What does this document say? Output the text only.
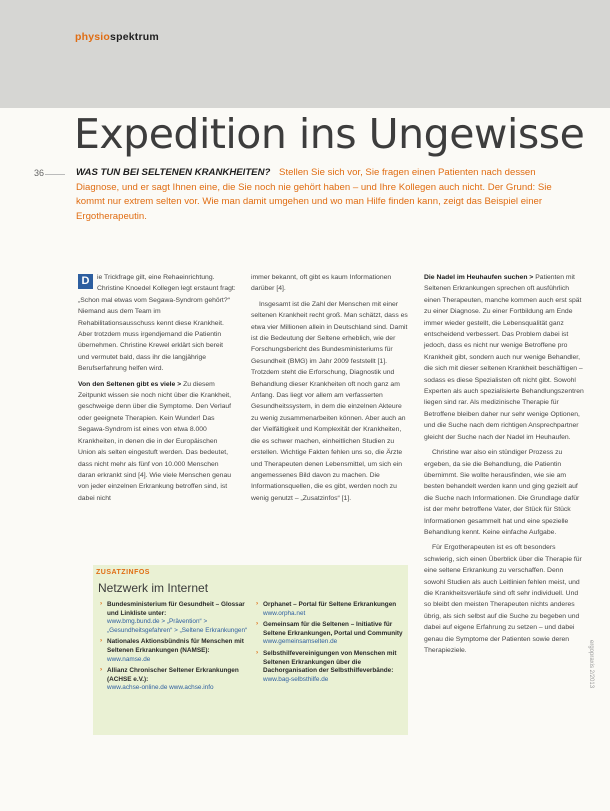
physiospektrum
Expedition ins Ungewisse
36	WAS TUN BEI SELTENEN KRANKHEITEN? Stellen Sie sich vor, Sie fragen einen Patienten nach dessen Diagnose, und er sagt Ihnen eine, die Sie noch nie gehört haben – und Ihre Kollegen auch nicht. Der Grund: Sie kommt nur extrem selten vor. Wie man damit umgehen und wo man Hilfe finden kann, zeigt das Beispiel einer Ergotherapeutin.

D	ie Trickfrage gilt, eine Rehaeinrichtung. Christine Knoedel Kollegen legt erstaunt fragt: „Schon mal etwas vom Segawa-Syndrom gehört?“ Niemand aus dem Team im Rehabilitationsausschuss kennt diese Krankheit. Aber trotzdem muss irgendjemand die Patientin übernehmen. Christine Krewel erklärt sich bereit und vermutet bald, dass ihr die langjährige Berufserfahrung helfen wird.

Von den Seltenen gibt es viele > Zu diesem Zeitpunkt wissen sie noch nicht über die Krankheit, geschweige denn über die Symptome. Den Verlauf oder geeignete Therapien. Kein Wunder! Das Segawa-Syndrom ist eines von etwa 8.000 Krankheiten, in denen die in der Europäischen Union als selten eingestuft werden. Das bedeutet, dass nicht mehr als fünf von 10.000 Menschen daran erkrankt sind [4]. Wie viele Menschen genau von jeder einzelnen Erkrankung betroffen sind, ist dabei nicht

immer bekannt, oft gibt es kaum Informationen darüber [4].

Insgesamt ist die Zahl der Menschen mit einer seltenen Krankheit recht groß. Man schätzt, dass es etwa vier Millionen allein in Deutschland sind. Damit ist die Bedeutung der Seltene erheblich, wie der Forschungsbericht des Bundesministeriums für Gesundheit (BMG) im Jahr 2009 feststellt [1]. Trotzdem steht die Erforschung, Diagnostik und Behandlung dieser Krankheiten oft noch ganz am Anfang. Das liegt vor allem am verfasserten Gesundheitssystem, in dem die einzelnen Akteure zu wenig zusammenarbeiten können. Aber auch an der Vielfältigkeit und Komplexität der Krankheiten, die es schwer machen, einheitlichen Studien zu erstellen. Wichtige Fakten fehlen uns so, die Ärzte und Therapeuten denen Lebensmittel, um sich ein angemessenes Bild davon zu machen. Die Informationsquellen, die es gibt, werden noch zu wenig genutzt – „Zusatzinfos“ [1].

Die Nadel im Heuhaufen suchen > Patienten mit Seltenen Erkrankungen sprechen oft ausführlich einen Therapeuten, manche kommen auch erst spät zu einer Diagnose. Zu einer Fortbildung am Ende immer wieder gestellt, die Lebensqualität ganz entscheidend verbessert. Das Problem dabei ist jedoch, dass es nicht nur wenige Betroffene pro Krankheit gibt, sondern auch nur wenige Behandler, die sich mit dieser seltenen Krankheit beschäftigen – sodass es diese Spezialisten oft nicht gibt. Sowohl Experten als auch spezialisierte Behandlungszentren liegen sind rar. Als medizinische Therapie für Betroffene bleiben daher nur sehr wenige Optionen, und die Suche nach dem richtigen Ansprechpartner gleicht der Suche nach der Nadel im Heuhaufen.

Christine war also ein stündiger Prozess zu ergeben, da sie die Behandlung, die Patientin übernimmt. Sie wollte herausfinden, wie sie am besten behandelt werden kann und ging gezielt auf die Suche nach Informationen. Die Grundlage dafür ist der mehr betroffene Vater, der Stück für Stück Informationen gesammelt hat und eine spezielle Behandlung kennt. Keine einfache Aufgabe.

Für Ergotherapeuten ist es oft besonders schwierig, sich einen Überblick über die Therapie für eine seltene Erkrankung zu verschaffen. Denn sowohl Studien als auch Leitlinien fehlen meist, und die Krankheitsverläufe sind oft sehr individuell. Und so bleibt den meisten Therapeuten nichts anderes übrig, als sich selbst auf die Suche zu begeben und dabei auf eigene Erfahrung zu setzen – und dabei genau die Symptome der Patienten sowie deren Therapieziele.

ZUSATZINFOS
Netzwerk im Internet
› Bundesministerium für Gesundheit – Glossar und Linkliste unter:
www.bmg.bund.de > „Prävention“ > „Gesundheitsgefahren“ > „Seltene Erkrankungen“
› Nationales Aktionsbündnis für Menschen mit Seltenen Erkrankungen (NAMSE):
www.namse.de
› Allianz Chronischer Seltener Erkrankungen (ACHSE e.V.):
www.achse-online.de www.achse.info
› Orphanet – Portal für Seltene Erkrankungen
www.orpha.net
› Gemeinsam für die Seltenen – Initiative für Seltene Erkrankungen, Portal und Community
www.gemeinsamselten.de
› Selbsthilfevereinigungen von Menschen mit Seltenen Erkrankungen über die Dachorganisation der Selbsthilfeverbände:
www.bag-selbsthilfe.de	ergopraxis 2/2013
